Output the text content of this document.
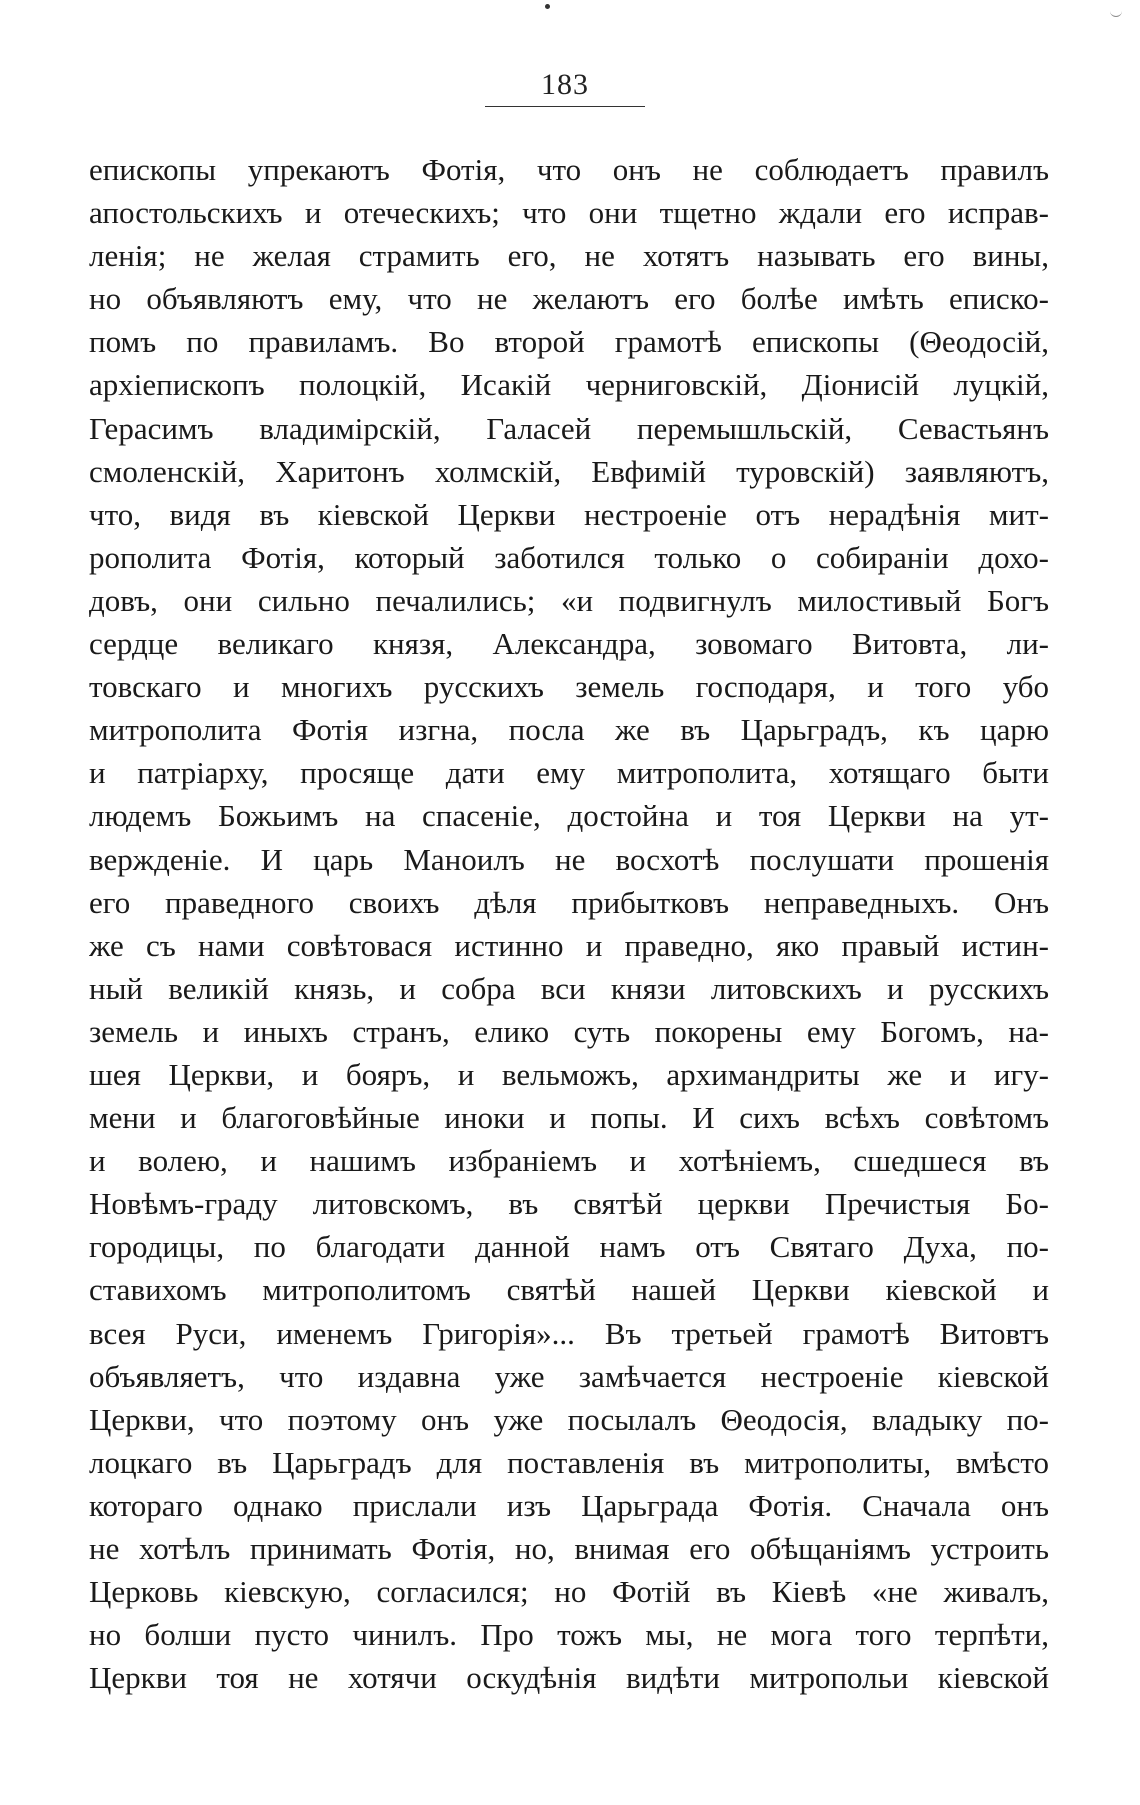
183
епископы упрекаютъ Фотія, что онъ не соблюдаетъ правилъ
апостольскихъ и отеческихъ; что они тщетно ждали его исправ-
ленія; не желая страмить его, не хотятъ называть его вины,
но объявляютъ ему, что не желаютъ его болѣе имѣть еписко-
помъ по правиламъ. Во второй грамотѣ епископы (Θеодосій,
архіепископъ полоцкій, Исакій черниговскій, Діонисій луцкій,
Герасимъ владимірскій, Галасей перемышльскій, Севастьянъ
смоленскій, Харитонъ холмскій, Евфимій туровскій) заявляютъ,
что, видя въ кіевской Церкви нестроеніе отъ нерадѣнія мит-
рополита Фотія, который заботился только о собираніи дохо-
довъ, они сильно печалились; «и подвигнулъ милостивый Богъ
сердце великаго князя, Александра, зовомаго Витовта, ли-
товскаго и многихъ русскихъ земель господаря, и того убо
митрополита Фотія изгна, посла же въ Царьградъ, къ царю
и патріарху, просяще дати ему митрополита, хотящаго быти
людемъ Божьимъ на спасеніе, достойна и тоя Церкви на ут-
вержденіе. И царь Маноилъ не восхотѣ послушати прошенія
его праведного своихъ дѣля прибытковъ неправедныхъ. Онъ
же съ нами совѣтовася истинно и праведно, яко правый истин-
ный великій князь, и собра вси князи литовскихъ и русскихъ
земель и иныхъ странъ, елико суть покорены ему Богомъ, на-
шея Церкви, и бояръ, и вельможъ, архимандриты же и игу-
мени и благоговѣйные иноки и попы. И сихъ всѣхъ совѣтомъ
и волею, и нашимъ избраніемъ и хотѣніемъ, сшедшеся въ
Новѣмъ-граду литовскомъ, въ святѣй церкви Пречистыя Бо-
городицы, по благодати данной намъ отъ Святаго Духа, по-
ставихомъ митрополитомъ святѣй нашей Церкви кіевской и
всея Руси, именемъ Григорія»... Въ третьей грамотѣ Витовтъ
объявляетъ, что издавна уже замѣчается нестроеніе кіевской
Церкви, что поэтому онъ уже посылалъ Θеодосія, владыку по-
лоцкаго въ Царьградъ для поставленія въ митрополиты, вмѣсто
котораго однако прислали изъ Царьграда Фотія. Сначала онъ
не хотѣлъ принимать Фотія, но, внимая его обѣщаніямъ устроить
Церковь кіевскую, согласился; но Фотій въ Кіевѣ «не живалъ,
но болши пусто чинилъ. Про тожъ мы, не мога того терпѣти,
Церкви тоя не хотячи оскудѣнія видѣти митропольи кіевской
